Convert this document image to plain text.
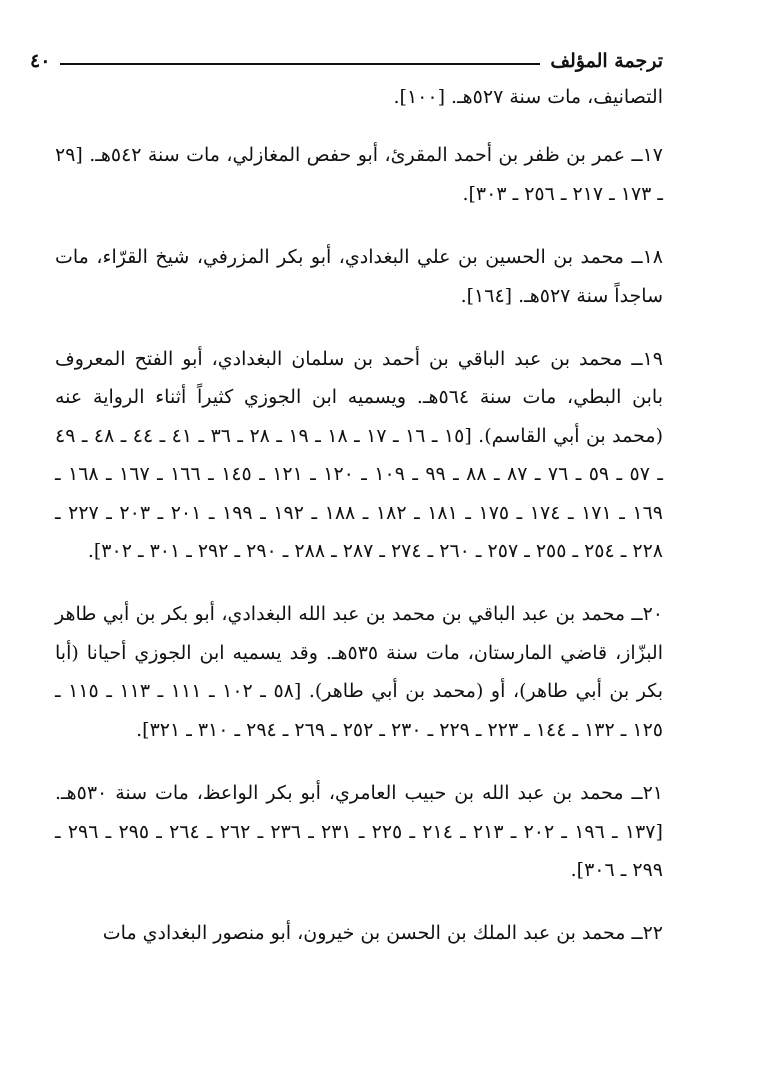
ترجمة المؤلف
٤٠

التصانيف، مات سنة ٥٢٧هـ. [١٠٠].

١٧ــ عمر بن ظفر بن أحمد المقرئ، أبو حفص المغازلي، مات سنة ٥٤٢هـ. [٢٩ ـ ١٧٣ ـ ٢١٧ ـ ٢٥٦ ـ ٣٠٣].

١٨ــ محمد بن الحسين بن علي البغدادي، أبو بكر المزرفي، شيخ القرّاء، مات ساجداً سنة ٥٢٧هـ. [١٦٤].

١٩ــ محمد بن عبد الباقي بن أحمد بن سلمان البغدادي، أبو الفتح المعروف بابن البطي، مات سنة ٥٦٤هـ. ويسميه ابن الجوزي كثيراً أثناء الرواية عنه (محمد بن أبي القاسم). [١٥ ـ ١٦ ـ ١٧ ـ ١٨ ـ ١٩ ـ ٢٨ ـ ٣٦ ـ ٤١ ـ ٤٤ ـ ٤٨ ـ ٤٩ ـ ٥٧ ـ ٥٩ ـ ٧٦ ـ ٨٧ ـ ٨٨ ـ ٩٩ ـ ١٠٩ ـ ١٢٠ ـ ١٢١ ـ ١٤٥ ـ ١٦٦ ـ ١٦٧ ـ ١٦٨ ـ ١٦٩ ـ ١٧١ ـ ١٧٤ ـ ١٧٥ ـ ١٨١ ـ ١٨٢ ـ ١٨٨ ـ ١٩٢ ـ ١٩٩ ـ ٢٠١ ـ ٢٠٣ ـ ٢٢٧ ـ ٢٢٨ ـ ٢٥٤ ـ ٢٥٥ ـ ٢٥٧ ـ ٢٦٠ ـ ٢٧٤ ـ ٢٨٧ ـ ٢٨٨ ـ ٢٩٠ ـ ٢٩٢ ـ ٣٠١ ـ ٣٠٢].

٢٠ــ محمد بن عبد الباقي بن محمد بن عبد الله البغدادي، أبو بكر بن أبي طاهر البزّاز، قاضي المارستان، مات سنة ٥٣٥هـ. وقد يسميه ابن الجوزي أحيانا (أبا بكر بن أبي طاهر)، أو (محمد بن أبي طاهر). [٥٨ ـ ١٠٢ ـ ١١١ ـ ١١٣ ـ ١١٥ ـ ١٢٥ ـ ١٣٢ ـ ١٤٤ ـ ٢٢٣ ـ ٢٢٩ ـ ٢٣٠ ـ ٢٥٢ ـ ٢٦٩ ـ ٢٩٤ ـ ٣١٠ ـ ٣٢١].

٢١ــ محمد بن عبد الله بن حبيب العامري، أبو بكر الواعظ، مات سنة ٥٣٠هـ. [١٣٧ ـ ١٩٦ ـ ٢٠٢ ـ ٢١٣ ـ ٢١٤ ـ ٢٢٥ ـ ٢٣١ ـ ٢٣٦ ـ ٢٦٢ ـ ٢٦٤ ـ ٢٩٥ ـ ٢٩٦ ـ ٢٩٩ ـ ٣٠٦].

٢٢ــ محمد بن عبد الملك بن الحسن بن خيرون، أبو منصور البغدادي مات
